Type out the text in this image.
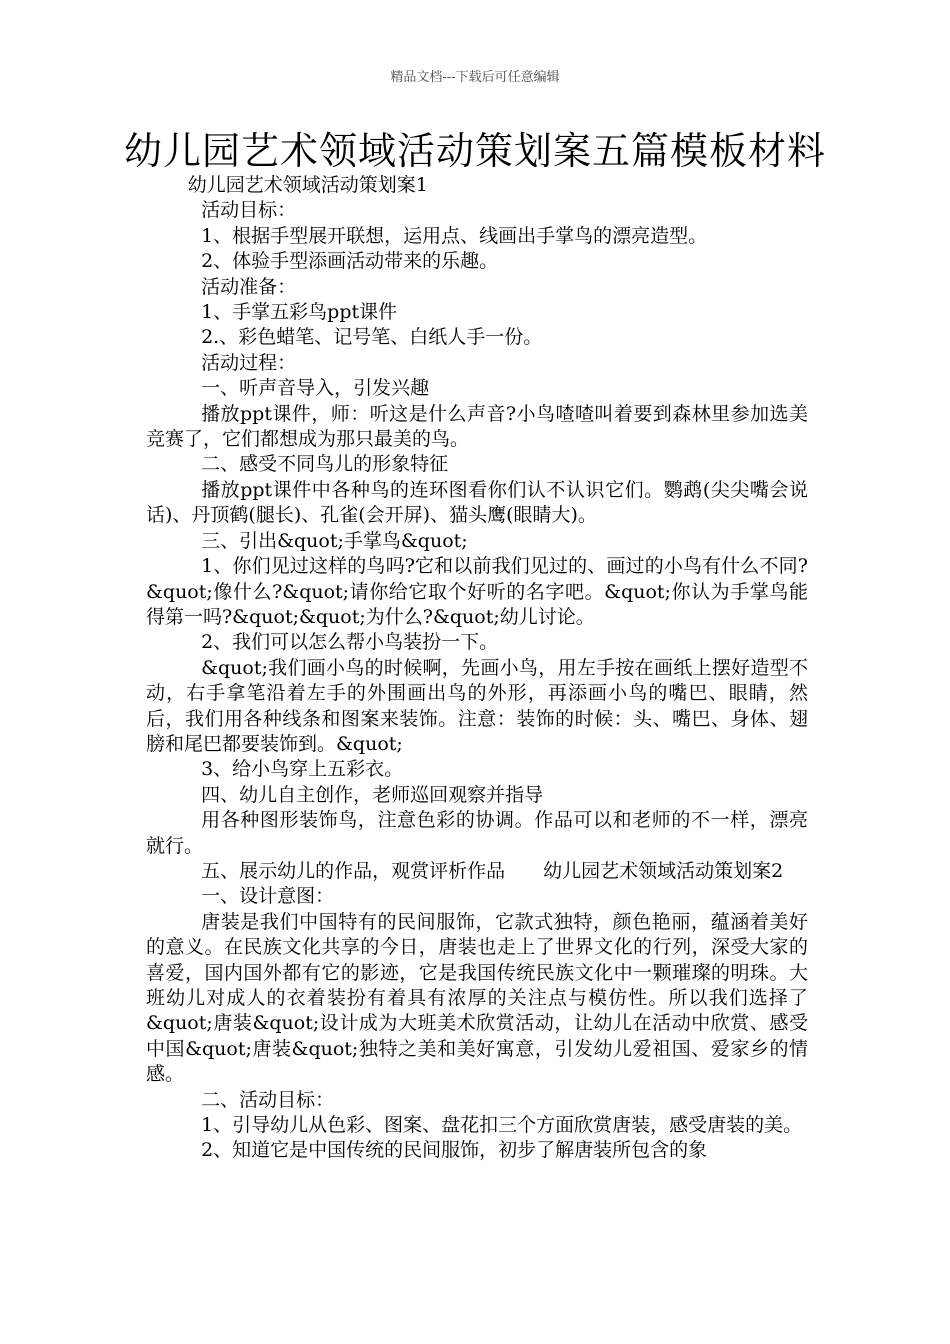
精品文档---下载后可任意编辑
幼儿园艺术领域活动策划案五篇模板材料

幼儿园艺术领域活动策划案1

活动目标：

1、根据手型展开联想，运用点、线画出手掌鸟的漂亮造型。

2、体验手型添画活动带来的乐趣。

活动准备：

1、手掌五彩鸟ppt课件

2.、彩色蜡笔、记号笔、白纸人手一份。

活动过程：

一、听声音导入，引发兴趣

播放ppt课件，师：听这是什么声音?小鸟喳喳叫着要到森林里参加选美竞赛了，它们都想成为那只最美的鸟。

二、感受不同鸟儿的形象特征

播放ppt课件中各种鸟的连环图看你们认不认识它们。鹦鹉(尖尖嘴会说话)、丹顶鹤(腿长)、孔雀(会开屏)、猫头鹰(眼睛大)。

三、引出&quot;手掌鸟&quot;

1、你们见过这样的鸟吗?它和以前我们见过的、画过的小鸟有什么不同?&quot;像什么?&quot;请你给它取个好听的名字吧。&quot;你认为手掌鸟能得第一吗?&quot;&quot;为什么?&quot;幼儿讨论。

2、我们可以怎么帮小鸟装扮一下。

&quot;我们画小鸟的时候啊，先画小鸟，用左手按在画纸上摆好造型不动，右手拿笔沿着左手的外围画出鸟的外形，再添画小鸟的嘴巴、眼睛，然后，我们用各种线条和图案来装饰。注意：装饰的时候：头、嘴巴、身体、翅膀和尾巴都要装饰到。&quot;

3、给小鸟穿上五彩衣。

四、幼儿自主创作，老师巡回观察并指导

用各种图形装饰鸟，注意色彩的协调。作品可以和老师的不一样，漂亮就行。

五、展示幼儿的作品，观赏评析作品　　幼儿园艺术领域活动策划案2

一、设计意图：

唐装是我们中国特有的民间服饰，它款式独特，颜色艳丽，蕴涵着美好的意义。在民族文化共享的今日，唐装也走上了世界文化的行列，深受大家的喜爱，国内国外都有它的影迹，它是我国传统民族文化中一颗璀璨的明珠。大班幼儿对成人的衣着装扮有着具有浓厚的关注点与模仿性。所以我们选择了&quot;唐装&quot;设计成为大班美术欣赏活动，让幼儿在活动中欣赏、感受中国&quot;唐装&quot;独特之美和美好寓意，引发幼儿爱祖国、爱家乡的情感。

二、活动目标：

1、引导幼儿从色彩、图案、盘花扣三个方面欣赏唐装，感受唐装的美。

2、知道它是中国传统的民间服饰，初步了解唐装所包含的象
